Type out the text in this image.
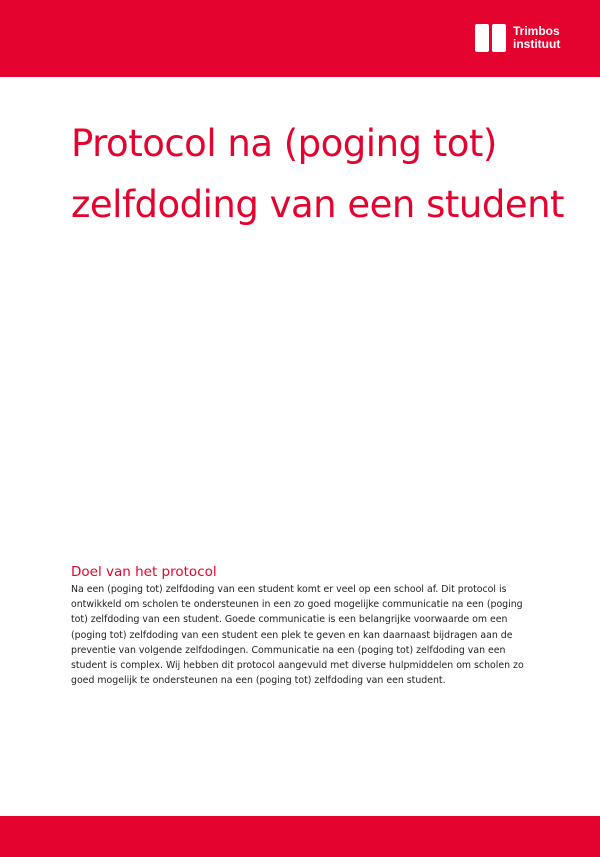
Trimbos
instituut
Protocol na (poging tot) zelfdoding van een student
Doel van het protocol

Na een (poging tot) zelfdoding van een student komt er veel op een school af. Dit protocol is ontwikkeld om scholen te ondersteunen in een zo goed mogelijke communicatie na een (poging tot) zelfdoding van een student. Goede communicatie is een belangrijke voorwaarde om een (poging tot) zelfdoding van een student een plek te geven en kan daarnaast bijdragen aan de preventie van volgende zelfdodingen. Communicatie na een (poging tot) zelfdoding van een student is complex. Wij hebben dit protocol aangevuld met diverse hulpmiddelen om scholen zo goed mogelijk te ondersteunen na een (poging tot) zelfdoding van een student.
